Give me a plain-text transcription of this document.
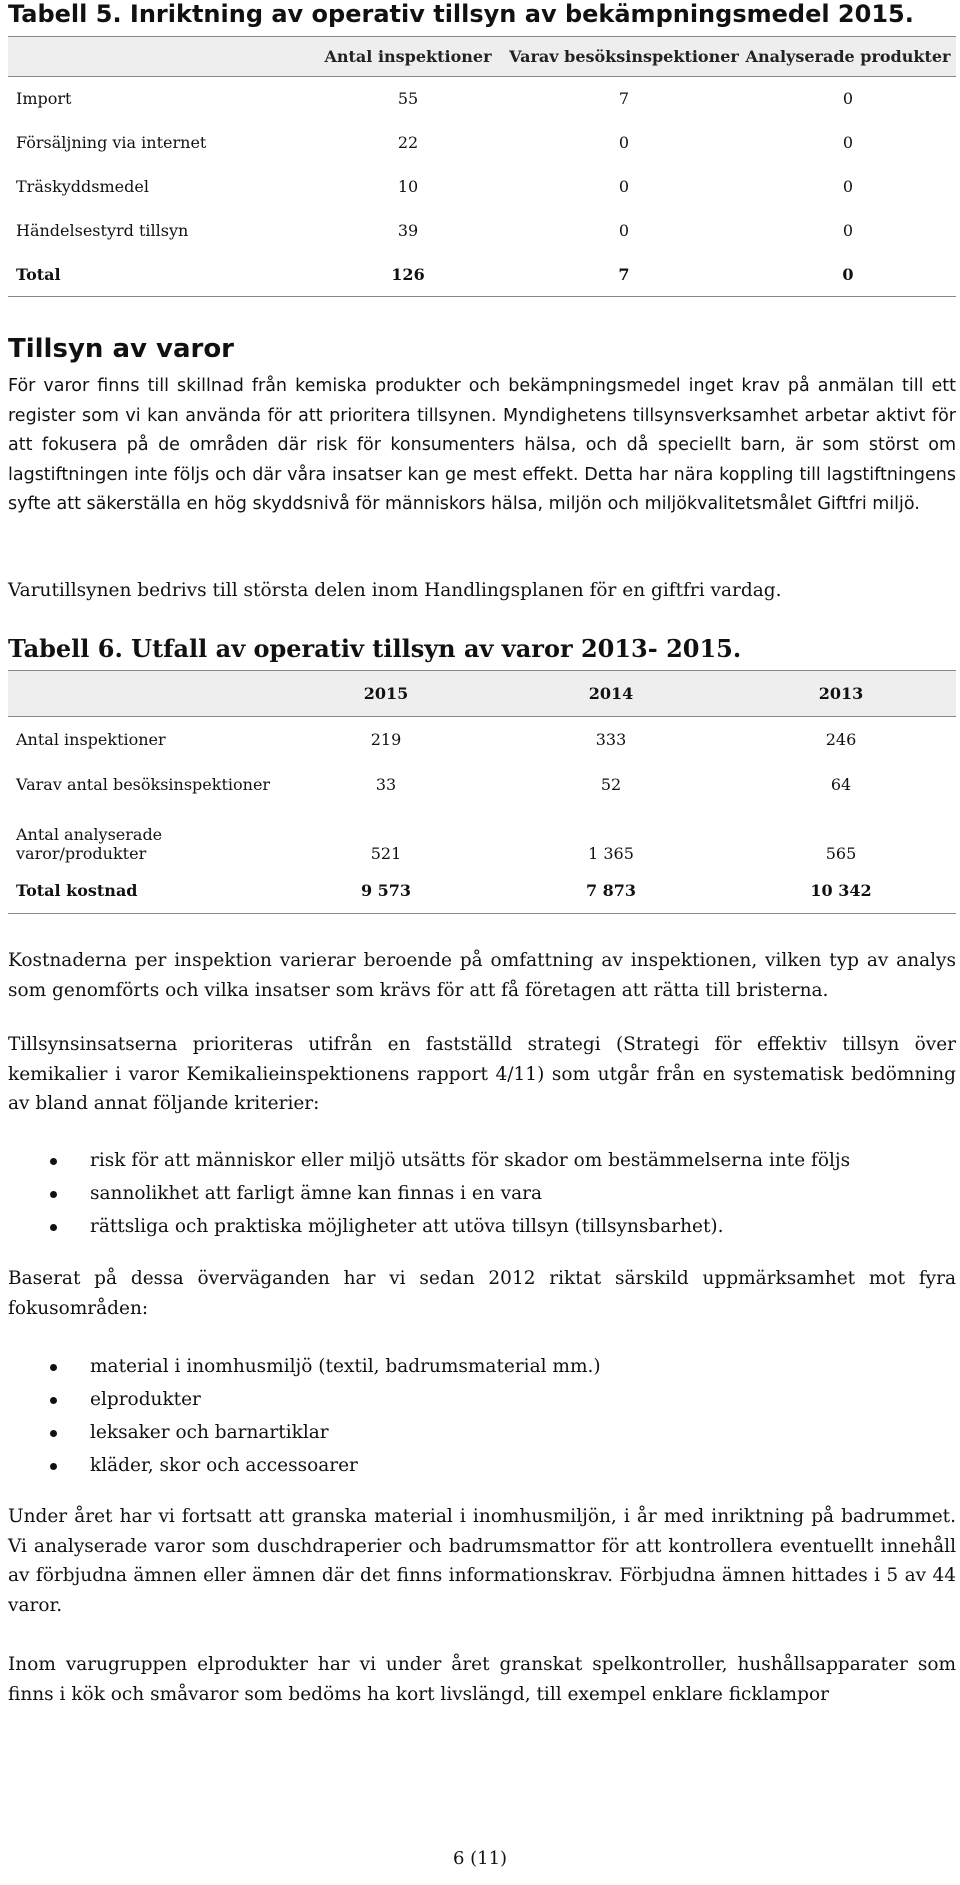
Tabell 5. Inriktning av operativ tillsyn av bekämpningsmedel 2015.
	Antal inspektioner	Varav besöksinspektioner	Analyserade produkter
Import	55	7	0
Försäljning via internet	22	0	0
Träskyddsmedel	10	0	0
Händelsestyrd tillsyn	39	0	0
Total	126	7	0
Tillsyn av varor

För varor finns till skillnad från kemiska produkter och bekämpningsmedel inget krav på anmälan till ett register som vi kan använda för att prioritera tillsynen. Myndighetens tillsynsverksamhet arbetar aktivt för att fokusera på de områden där risk för konsumenters hälsa, och då speciellt barn, är som störst om lagstiftningen inte följs och där våra insatser kan ge mest effekt. Detta har nära koppling till lagstiftningens syfte att säkerställa en hög skyddsnivå för människors hälsa, miljön och miljökvalitetsmålet Giftfri miljö.

Varutillsynen bedrivs till största delen inom Handlingsplanen för en giftfri vardag.

Tabell 6. Utfall av operativ tillsyn av varor 2013- 2015.
	2015	2014	2013
Antal inspektioner	219	333	246
Varav antal besöksinspektioner	33	52	64
Antal analyserade varor/produkter	521	1 365	565
Total kostnad	9 573	7 873	10 342

Kostnaderna per inspektion varierar beroende på omfattning av inspektionen, vilken typ av analys som genomförts och vilka insatser som krävs för att få företagen att rätta till bristerna.

Tillsynsinsatserna prioriteras utifrån en fastställd strategi (Strategi för effektiv tillsyn över kemikalier i varor Kemikalieinspektionens rapport 4/11) som utgår från en systematisk bedömning av bland annat följande kriterier:

risk för att människor eller miljö utsätts för skador om bestämmelserna inte följs
sannolikhet att farligt ämne kan finnas i en vara
rättsliga och praktiska möjligheter att utöva tillsyn (tillsynsbarhet).

Baserat på dessa överväganden har vi sedan 2012 riktat särskild uppmärksamhet mot fyra fokusområden:

material i inomhusmiljö (textil, badrumsmaterial mm.)
elprodukter
leksaker och barnartiklar
kläder, skor och accessoarer

Under året har vi fortsatt att granska material i inomhusmiljön, i år med inriktning på badrummet. Vi analyserade varor som duschdraperier och badrumsmattor för att kontrollera eventuellt innehåll av förbjudna ämnen eller ämnen där det finns informationskrav. Förbjudna ämnen hittades i 5 av 44 varor.

Inom varugruppen elprodukter har vi under året granskat spelkontroller, hushållsapparater som finns i kök och småvaror som bedöms ha kort livslängd, till exempel enklare ficklampor

6 (11)
